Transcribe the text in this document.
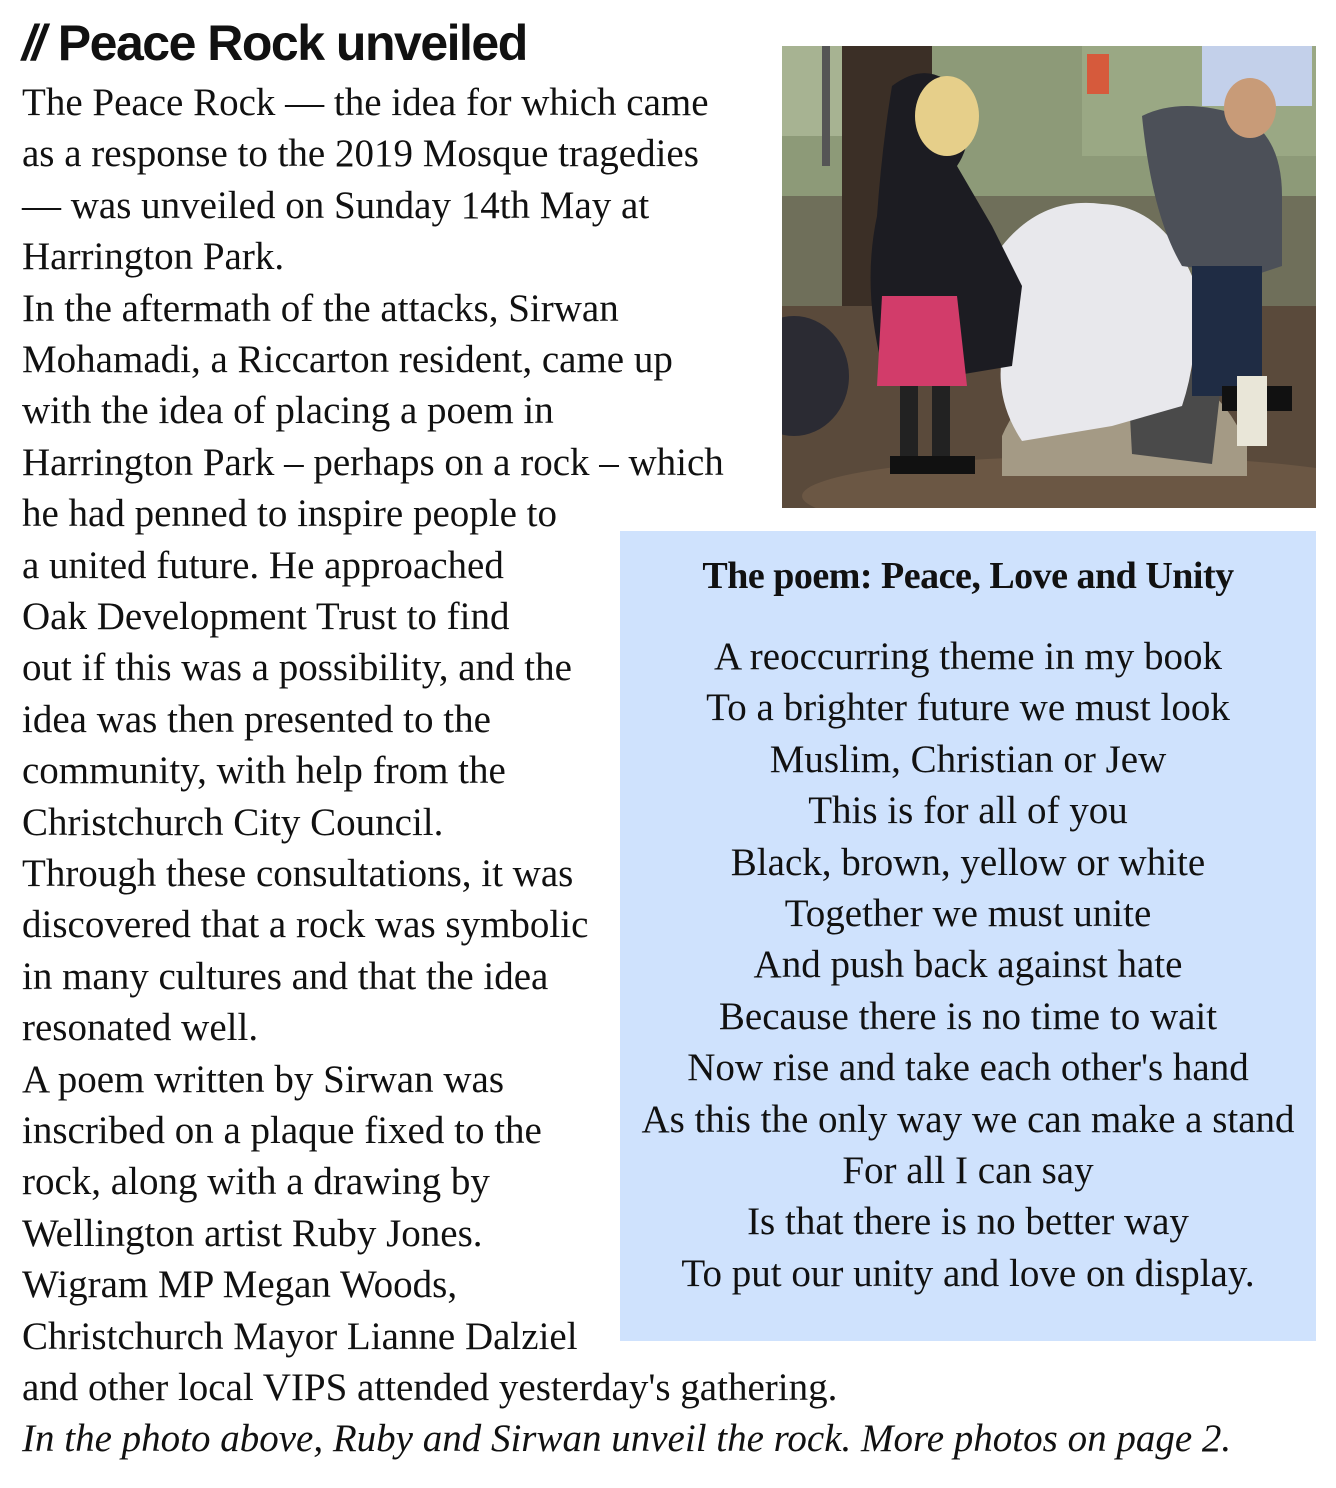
// Peace Rock unveiled
The Peace Rock — the idea for which came
as a response to the 2019 Mosque tragedies
— was unveiled on Sunday 14th May at
Harrington Park.
In the aftermath of the attacks, Sirwan
Mohamadi, a Riccarton resident, came up
with the idea of placing a poem in
Harrington Park – perhaps on a rock – which
he had penned to inspire people to
a united future. He approached
Oak Development Trust to find
out if this was a possibility, and the
idea was then presented to the
community, with help from the
Christchurch City Council.
Through these consultations, it was
discovered that a rock was symbolic
in many cultures and that the idea
resonated well.
A poem written by Sirwan was
inscribed on a plaque fixed to the
rock, along with a drawing by
Wellington artist Ruby Jones.
Wigram MP Megan Woods,
Christchurch Mayor Lianne Dalziel
and other local VIPS attended yesterday's gathering.
In the photo above, Ruby and Sirwan unveil the rock. More photos on page 2.
The poem: Peace, Love and Unity
A reoccurring theme in my book
To a brighter future we must look
Muslim, Christian or Jew
This is for all of you
Black, brown, yellow or white
Together we must unite
And push back against hate
Because there is no time to wait
Now rise and take each other's hand
As this the only way we can make a stand
For all I can say
Is that there is no better way
To put our unity and love on display.
